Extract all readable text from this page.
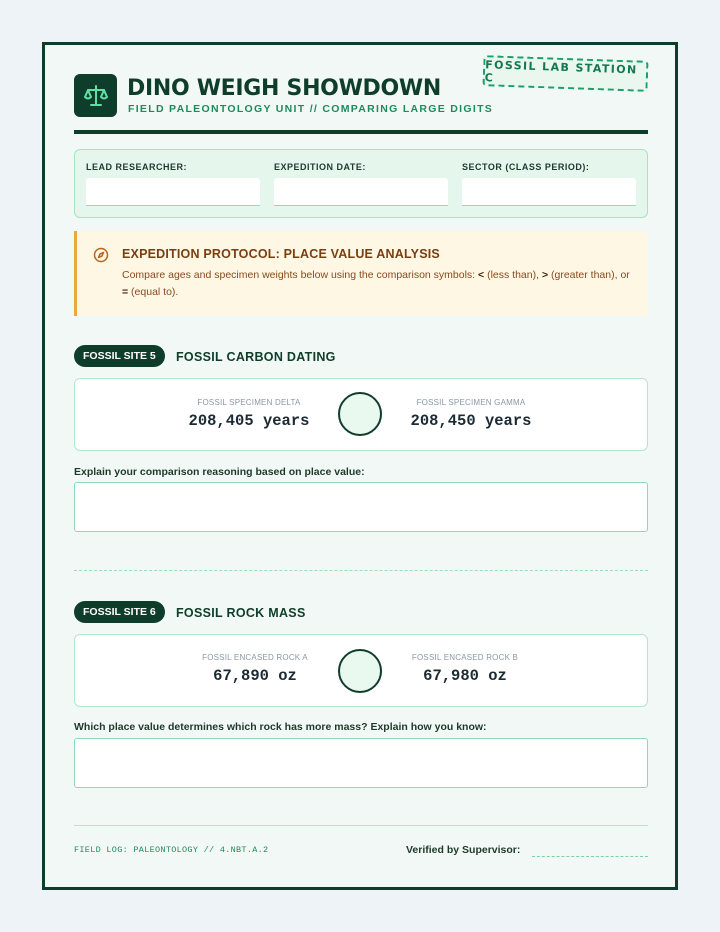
FOSSIL LAB STATION C
DINO WEIGH SHOWDOWN
FIELD PALEONTOLOGY UNIT // COMPARING LARGE DIGITS
LEAD RESEARCHER:	EXPEDITION DATE:	SECTOR (CLASS PERIOD):
EXPEDITION PROTOCOL: PLACE VALUE ANALYSIS
Compare ages and specimen weights below using the comparison symbols: < (less than), > (greater than), or = (equal to).
FOSSIL SITE 5	FOSSIL CARBON DATING
FOSSIL SPECIMEN DELTA
208,405 years
FOSSIL SPECIMEN GAMMA
208,450 years
Explain your comparison reasoning based on place value:
FOSSIL SITE 6	FOSSIL ROCK MASS
FOSSIL ENCASED ROCK A
67,890 oz
FOSSIL ENCASED ROCK B
67,980 oz
Which place value determines which rock has more mass? Explain how you know:
FIELD LOG: PALEONTOLOGY // 4.NBT.A.2	Verified by Supervisor:
